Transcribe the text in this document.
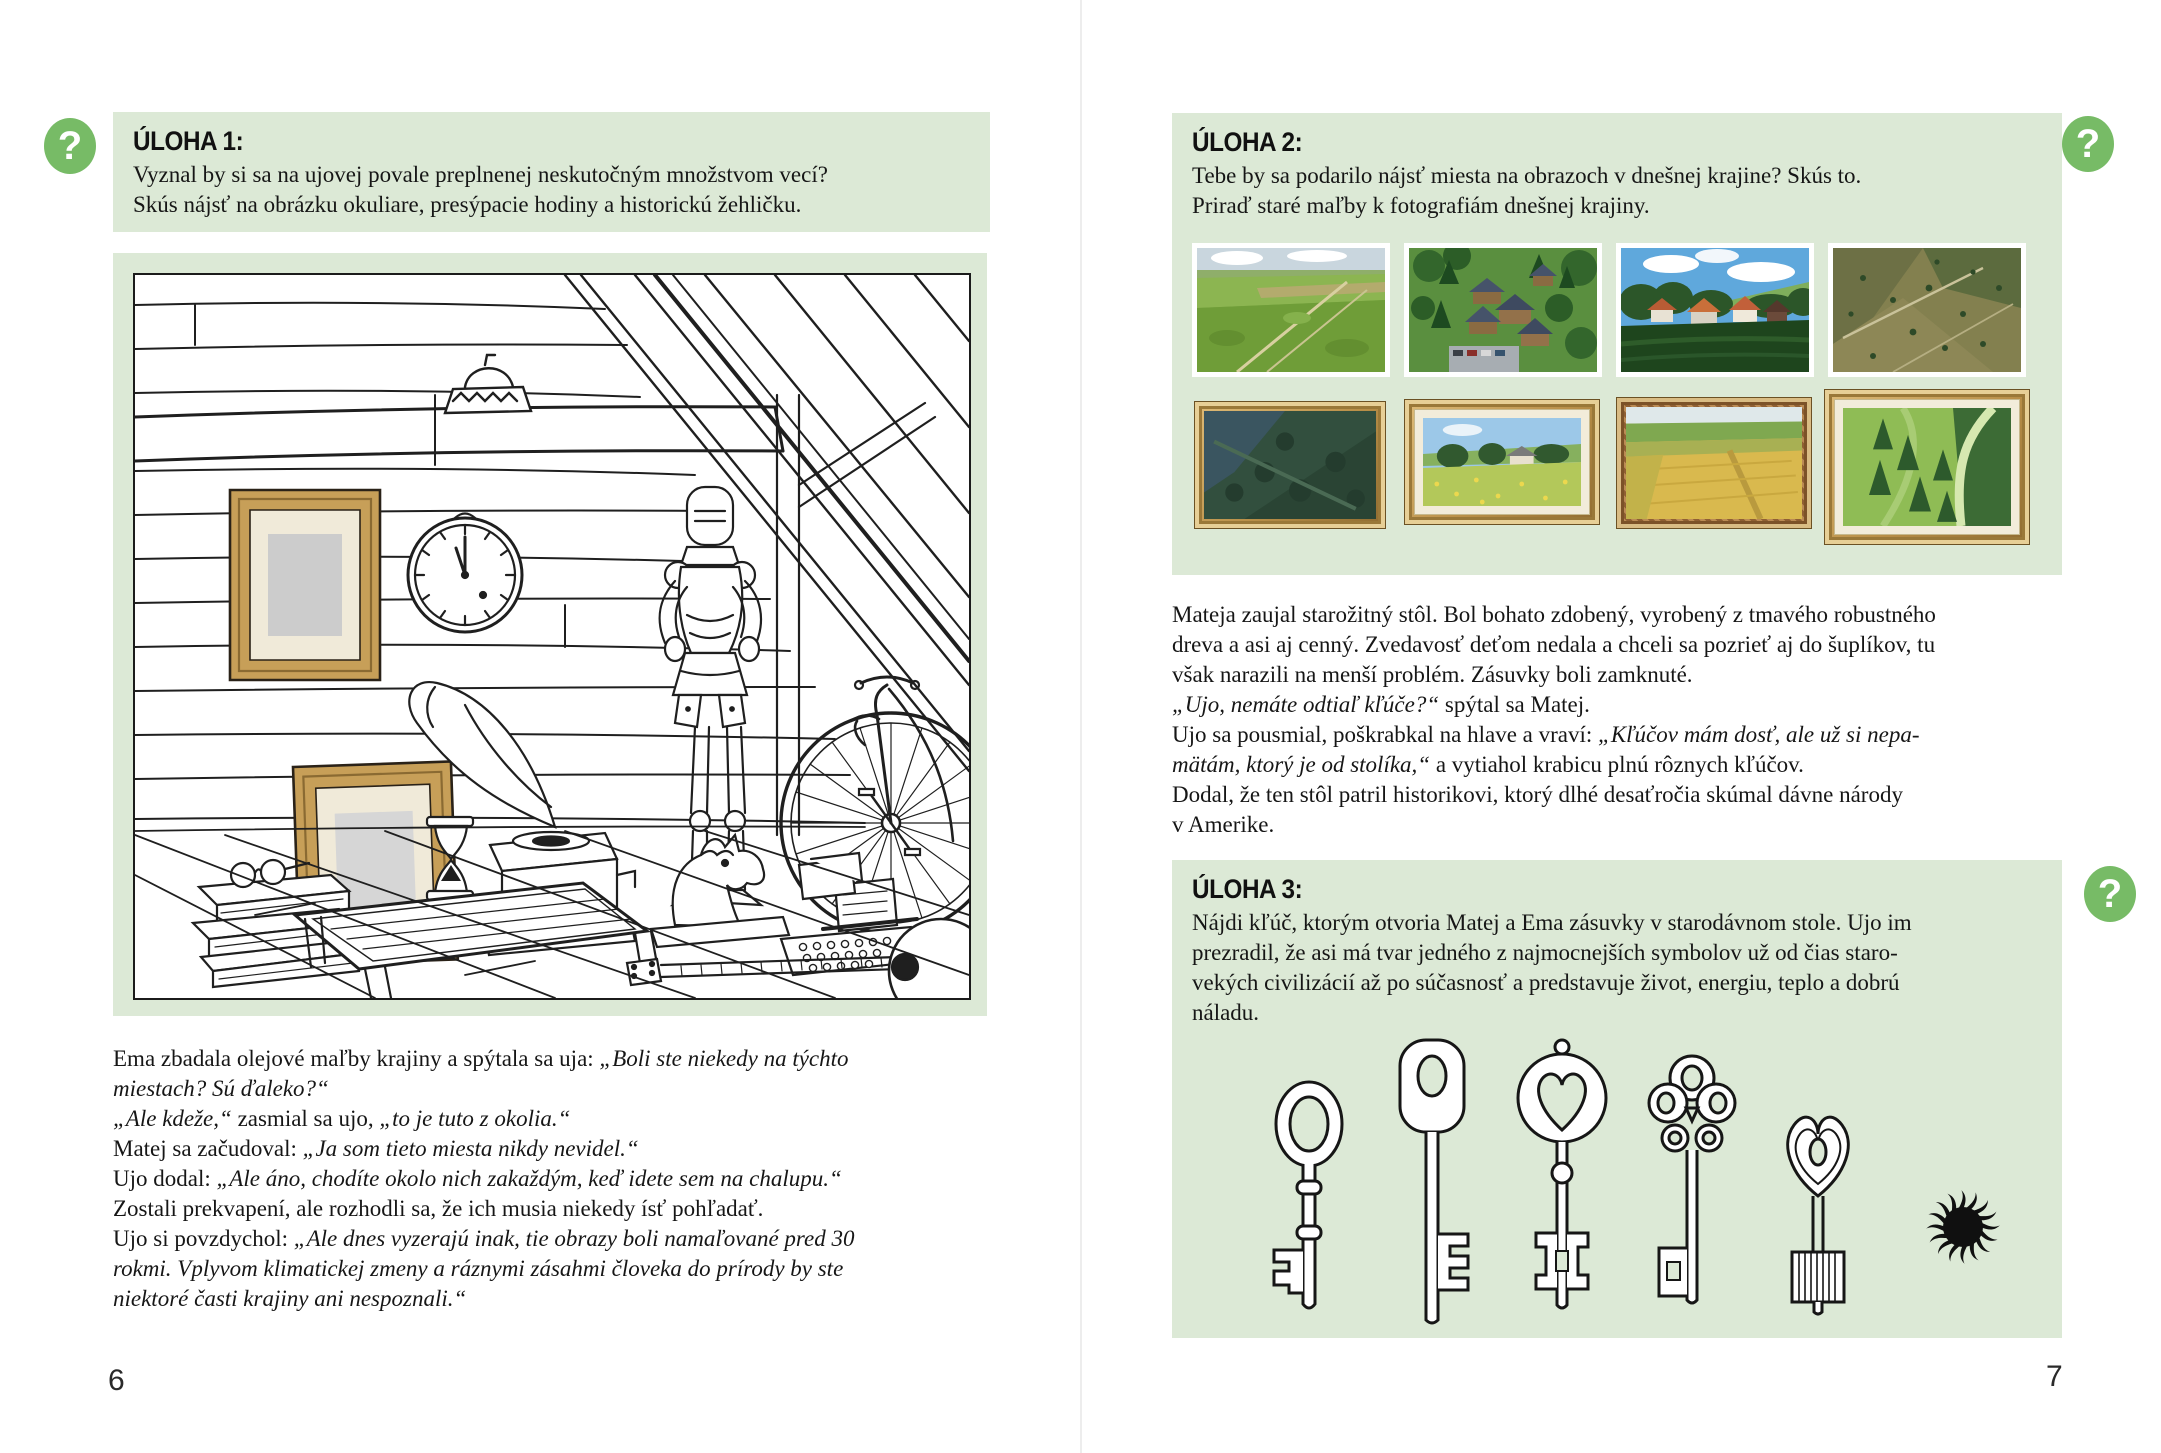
?	ÚLOHA 1:
Vyznal by si sa na ujovej povale preplnenej neskutočným množstvom vecí?
Skús nájsť na obrázku okuliare, presýpacie hodiny a historickú žehličku.
Ema zbadala olejové maľby krajiny a spýtala sa uja: „Boli ste niekedy na týchto
miestach? Sú ďaleko?“
„Ale kdeže,“ zasmial sa ujo, „to je tuto z okolia.“
Matej sa začudoval: „Ja som tieto miesta nikdy nevidel.“
Ujo dodal: „Ale áno, chodíte okolo nich zakaždým, keď idete sem na chalupu.“
Zostali prekvapení, ale rozhodli sa, že ich musia niekedy ísť pohľadať.
Ujo si povzdychol: „Ale dnes vyzerajú inak, tie obrazy boli namaľované pred 30
rokmi. Vplyvom klimatickej zmeny a ráznymi zásahmi človeka do prírody by ste
niektoré časti krajiny ani nespoznali.“
6
?
ÚLOHA 2:
Tebe by sa podarilo nájsť miesta na obrazoch v dnešnej krajine? Skús to.
Priraď staré maľby k fotografiám dnešnej krajiny.
Mateja zaujal starožitný stôl. Bol bohato zdobený, vyrobený z tmavého robustného
dreva a asi aj cenný. Zvedavosť deťom nedala a chceli sa pozrieť aj do šuplíkov, tu
však narazili na menší problém. Zásuvky boli zamknuté.
„Ujo, nemáte odtiaľ kľúče?“ spýtal sa Matej.
Ujo sa pousmial, poškrabkal na hlave a vraví: „Kľúčov mám dosť, ale už si nepa-
mätám, ktorý je od stolíka,“ a vytiahol krabicu plnú rôznych kľúčov.
Dodal, že ten stôl patril historikovi, ktorý dlhé desaťročia skúmal dávne národy
v Amerike.
ÚLOHA 3:
Nájdi kľúč, ktorým otvoria Matej a Ema zásuvky v starodávnom stole. Ujo im
prezradil, že asi má tvar jedného z najmocnejších symbolov už od čias staro-
vekých civilizácií až po súčasnosť a predstavuje život, energiu, teplo a dobrú
náladu.
?
7
